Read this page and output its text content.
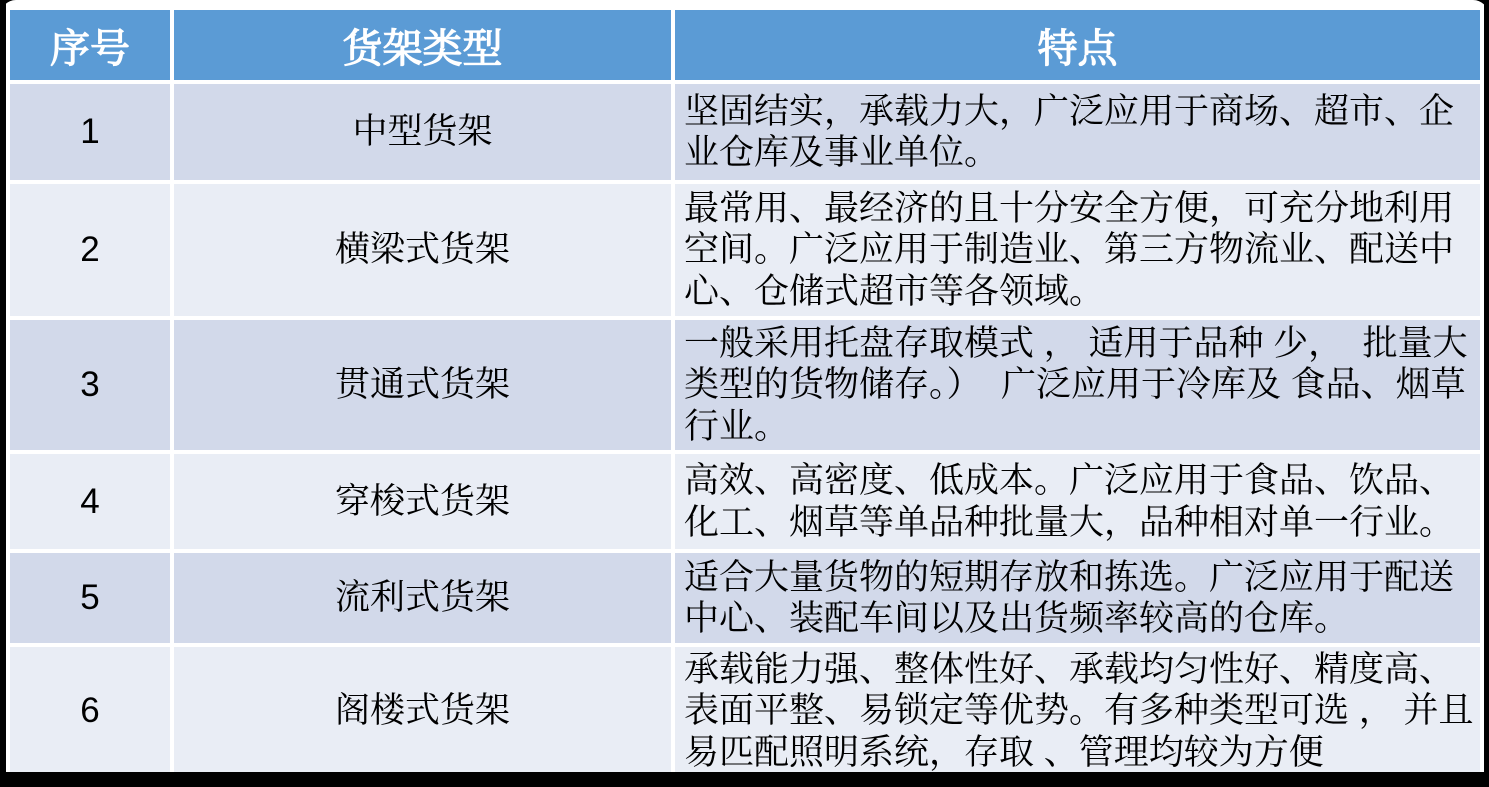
序号	货架类型	特点
1	中型货架	坚固结实，承载力大，广泛应用于商场、超市、企业仓库及事业单位。
2	横梁式货架	最常用、最经济的且十分安全方便，可充分地利用空间。广泛应用于制造业、第三方物流业、配送中心、仓储式超市等各领域。
3	贯通式货架	一般采用托盘存取模式 ， 适用于品种 少，  批量大类型的货物储存。）  广泛应用于冷库及 食品、烟草行业。
4	穿梭式货架	高效、高密度、低成本。广泛应用于食品、饮品、化工、烟草等单品种批量大，品种相对单一行业。
5	流利式货架	适合大量货物的短期存放和拣选。广泛应用于配送中心、装配车间以及出货频率较高的仓库。
6	阁楼式货架	承载能力强、整体性好、承载均匀性好、精度高、表面平整、易锁定等优势。有多种类型可选 ， 并且易匹配照明系统，存取 、管理均较为方便
